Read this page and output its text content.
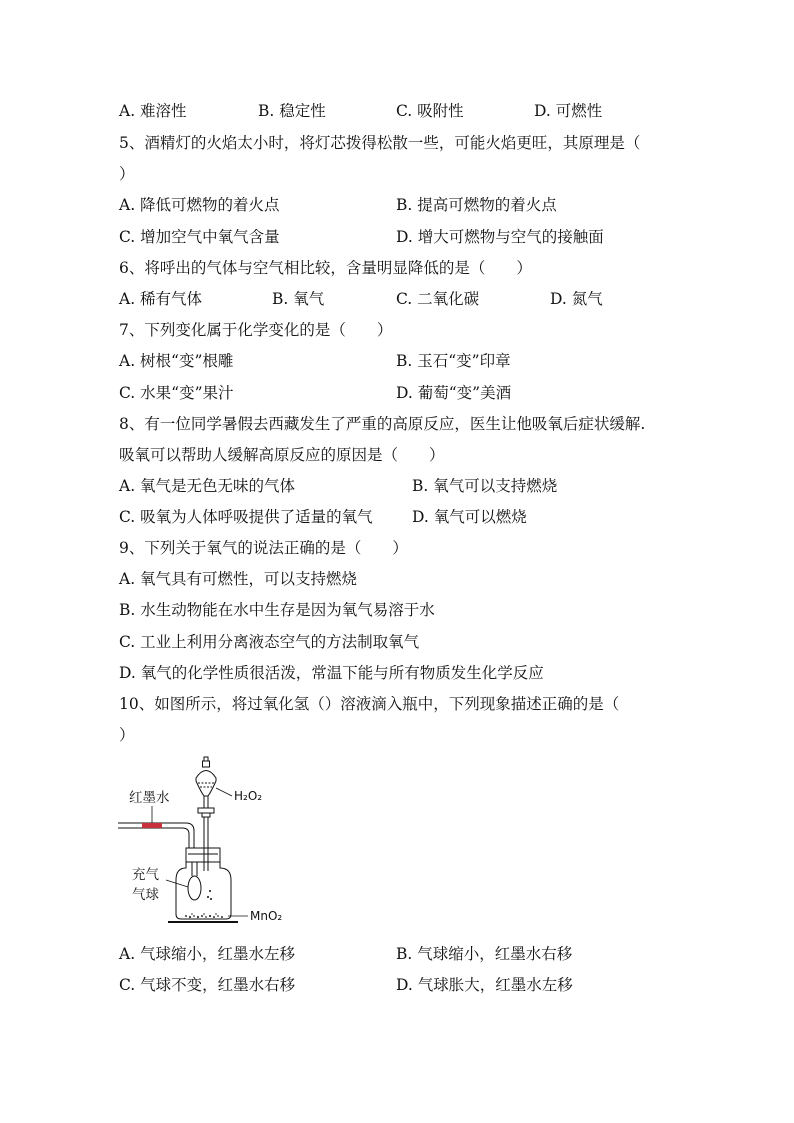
A. 难溶性	B. 稳定性	C. 吸附性	D. 可燃性
5、酒精灯的火焰太小时，将灯芯拨得松散一些，可能火焰更旺，其原理是（
）
A. 降低可燃物的着火点	B. 提高可燃物的着火点
C. 增加空气中氧气含量	D. 增大可燃物与空气的接触面
6、将呼出的气体与空气相比较，含量明显降低的是（　　）
A. 稀有气体	B. 氧气	C. 二氧化碳	D. 氮气
7、下列变化属于化学变化的是（　　）
A. 树根“变”根雕	B. 玉石“变”印章
C. 水果“变”果汁	D. 葡萄“变”美酒
8、有一位同学暑假去西藏发生了严重的高原反应，医生让他吸氧后症状缓解.
吸氧可以帮助人缓解高原反应的原因是（　　）
A. 氧气是无色无味的气体	B. 氧气可以支持燃烧
C. 吸氧为人体呼吸提供了适量的氧气	D. 氧气可以燃烧
9、下列关于氧气的说法正确的是（　　）
A. 氧气具有可燃性，可以支持燃烧
B. 水生动物能在水中生存是因为氧气易溶于水
C. 工业上利用分离液态空气的方法制取氧气
D. 氧气的化学性质很活泼，常温下能与所有物质发生化学反应
10、如图所示，将过氧化氢（）溶液滴入瓶中，下列现象描述正确的是（
）
H₂O₂
红墨水
充气
气球
MnO₂
A. 气球缩小，红墨水左移	B. 气球缩小，红墨水右移
C. 气球不变，红墨水右移	D. 气球胀大，红墨水左移
